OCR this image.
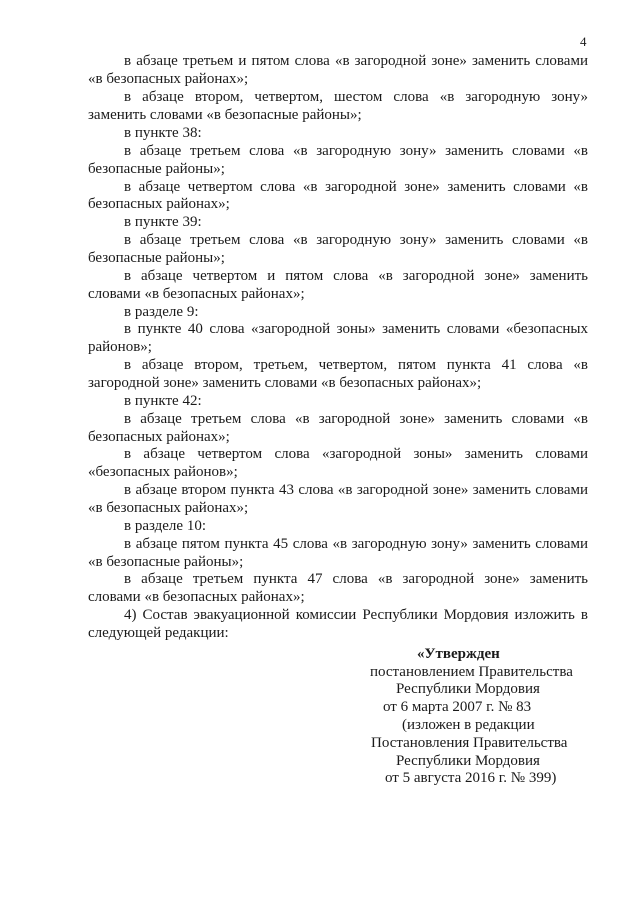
4
в абзаце третьем и пятом слова «в загородной зоне» заменить словами
«в безопасных районах»;
в абзаце втором, четвертом, шестом слова «в загородную зону»
заменить словами «в безопасные районы»;
в пункте 38:
в абзаце третьем слова «в загородную зону» заменить словами «в
безопасные районы»;
в абзаце четвертом слова «в загородной зоне» заменить словами «в
безопасных районах»;
в пункте 39:
в абзаце третьем слова «в загородную зону» заменить словами «в
безопасные районы»;
в абзаце четвертом и пятом слова «в загородной зоне» заменить
словами «в безопасных районах»;
в разделе 9:
в пункте 40 слова «загородной зоны» заменить словами «безопасных
районов»;
в абзаце втором, третьем, четвертом, пятом пункта 41 слова «в
загородной зоне» заменить словами «в безопасных районах»;
в пункте 42:
в абзаце третьем слова «в загородной зоне» заменить словами «в
безопасных районах»;
в абзаце четвертом слова «загородной зоны» заменить словами
«безопасных районов»;
в абзаце втором пункта 43 слова «в загородной зоне» заменить словами
«в безопасных районах»;
в разделе 10:
в абзаце пятом пункта 45 слова «в загородную зону» заменить словами
«в безопасные районы»;
в абзаце третьем пункта 47 слова «в загородной зоне» заменить
словами «в безопасных районах»;
4) Состав эвакуационной комиссии Республики Мордовия изложить в
следующей редакции:
«Утвержден
постановлением Правительства
Республики Мордовия
от 6 марта 2007 г. № 83
(изложен в редакции
Постановления Правительства
Республики Мордовия
от 5 августа 2016 г. № 399)
